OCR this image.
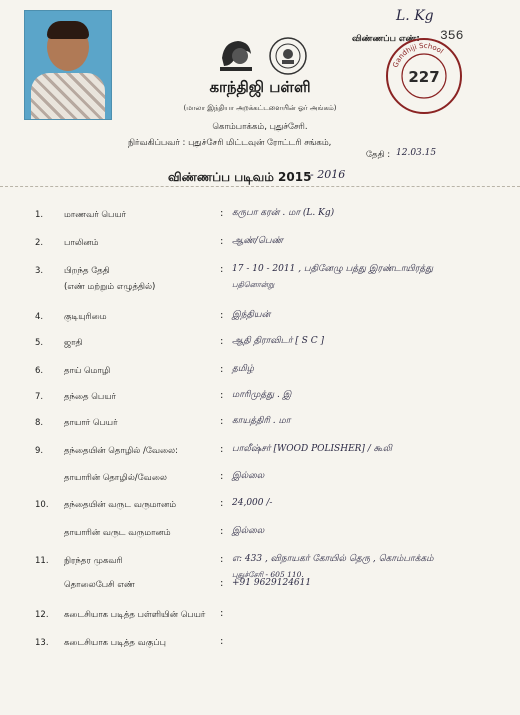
காந்திஜி பள்ளி
(மாலா இந்தியா அறக்கட்டளையின் ஓர் அங்கம்)
கொம்பாக்கம், புதுச்சேரி.
நிர்வகிப்பவர் : புதுச்சேரி மிட்டவுன் ரோட்டரி சங்கம்,
L. Kg
விண்ணப்ப எண்: 356
Gandhiji School
227
தேதி : 12.03.15
விண்ணப்ப படிவம் 2015
- 2016
1. மாணவர் பெயர்	: கருபா கரன் . மா (L. Kg)
2. பாலினம்	: ஆண்/பெண்
3. பிறந்த தேதி
(எண் மற்றும் எழுத்தில்)
: 17 - 10 - 2011 , பதினேழு பத்து இரண்டாயிரத்து
பதினொன்று
4. குடியுரிமை	: இந்தியன்
5. ஜாதி	: ஆதி திராவிடர் [ S C ]
6. தாய் மொழி	: தமிழ்
7. தந்தை பெயர்	: மாரிமுத்து . இ
8. தாயார் பெயர்	: காயத்திரி . மா
9. தந்தையின் தொழில் /வேலை:	: பாலீஷ்சர் [WOOD POLISHER] / கூலி
தாயாரின் தொழில்/வேலை	: இல்லை
10. தந்தையின் வருட வருமானம்	: 24,000 /-
தாயாரின் வருட வருமானம்	: இல்லை
11. நிரந்தர முகவரி	: எ: 433 , விநாயகர் கோயில் தெரு , கொம்பாக்கம்
புதுச்சேரி - 605 110.
தொலைபேசி எண்	: +91 9629124611
12. கடைசியாக படித்த பள்ளியின் பெயர் :
13. கடைசியாக படித்த வகுப்பு	:
